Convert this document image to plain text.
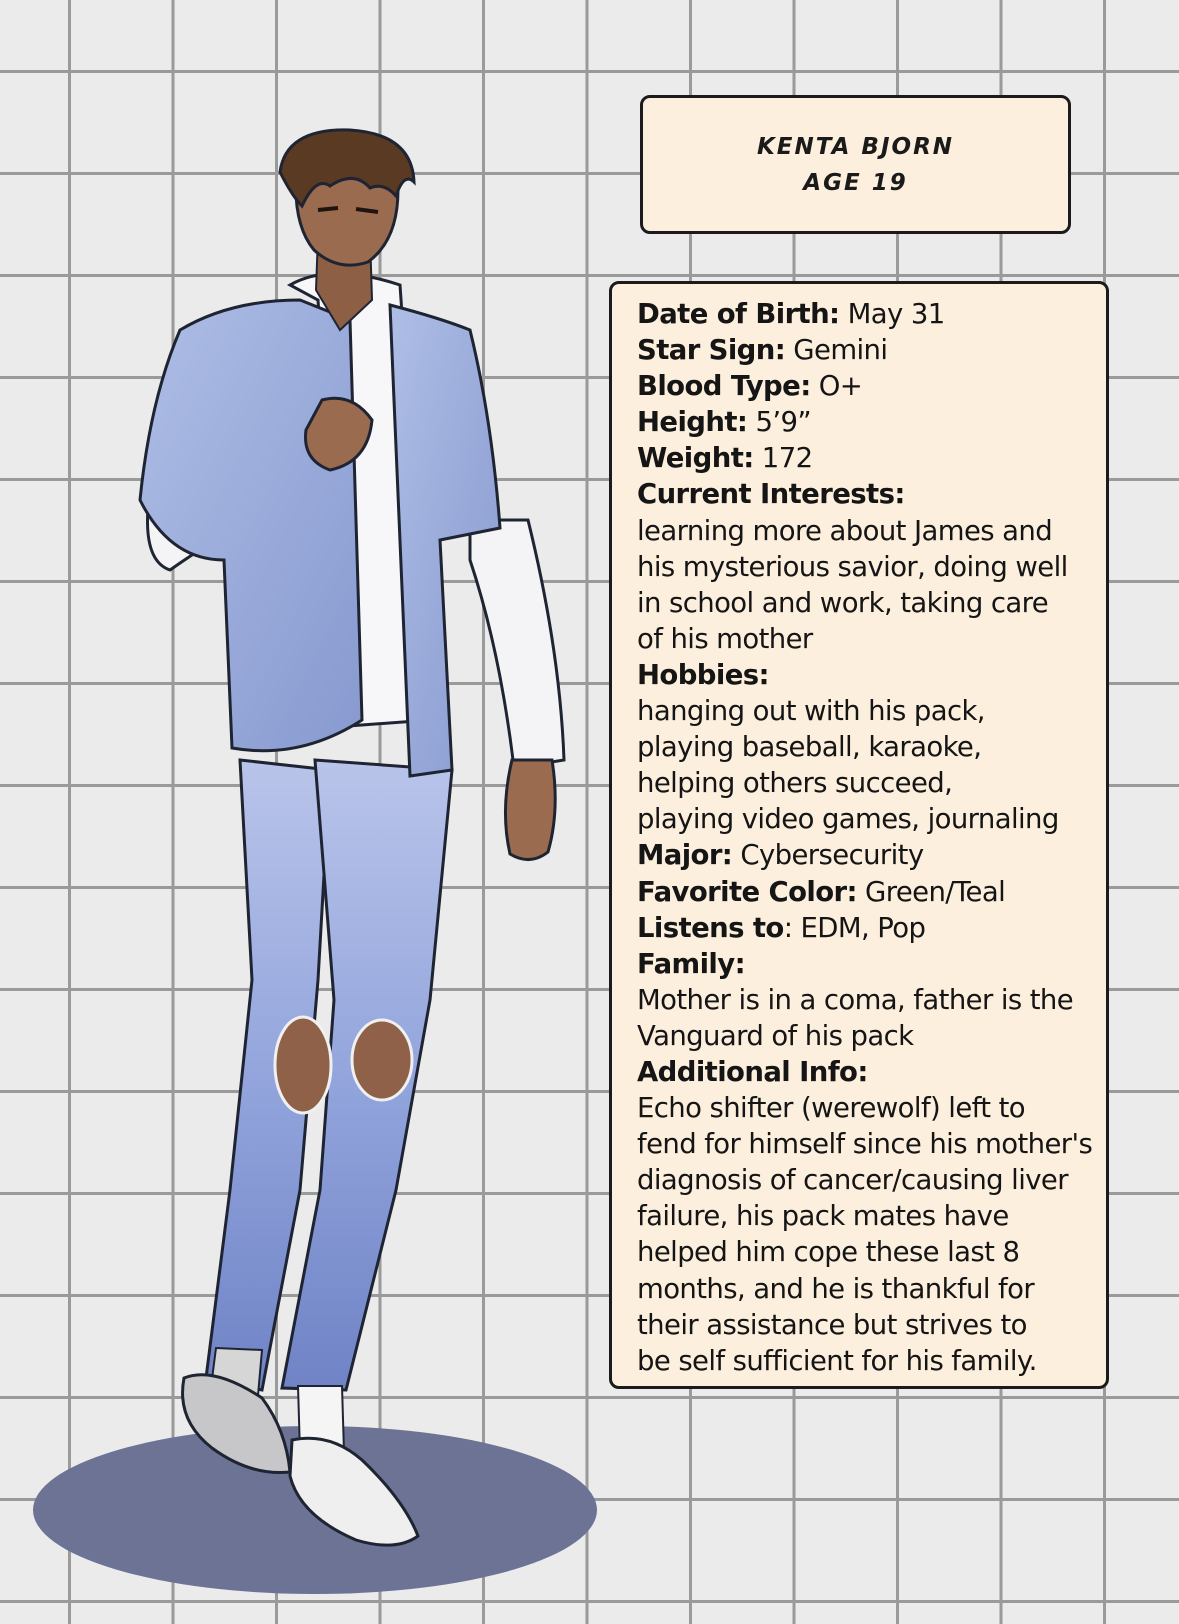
KENTA BJORN
AGE 19
Date of Birth: May 31
Star Sign: Gemini
Blood Type: O+
Height: 5’9”
Weight: 172
Current Interests:
learning more about James and
his mysterious savior, doing well
in school and work, taking care
of his mother
Hobbies:
hanging out with his pack,
playing baseball, karaoke,
helping others succeed,
playing video games, journaling
Major: Cybersecurity
Favorite Color: Green/Teal
Listens to: EDM, Pop
Family:
Mother is in a coma, father is the
Vanguard of his pack
Additional Info:
Echo shifter (werewolf) left to
fend for himself since his mother's
diagnosis of cancer/causing liver
failure, his pack mates have
helped him cope these last 8
months, and he is thankful for
their assistance but strives to
be self sufficient for his family.
